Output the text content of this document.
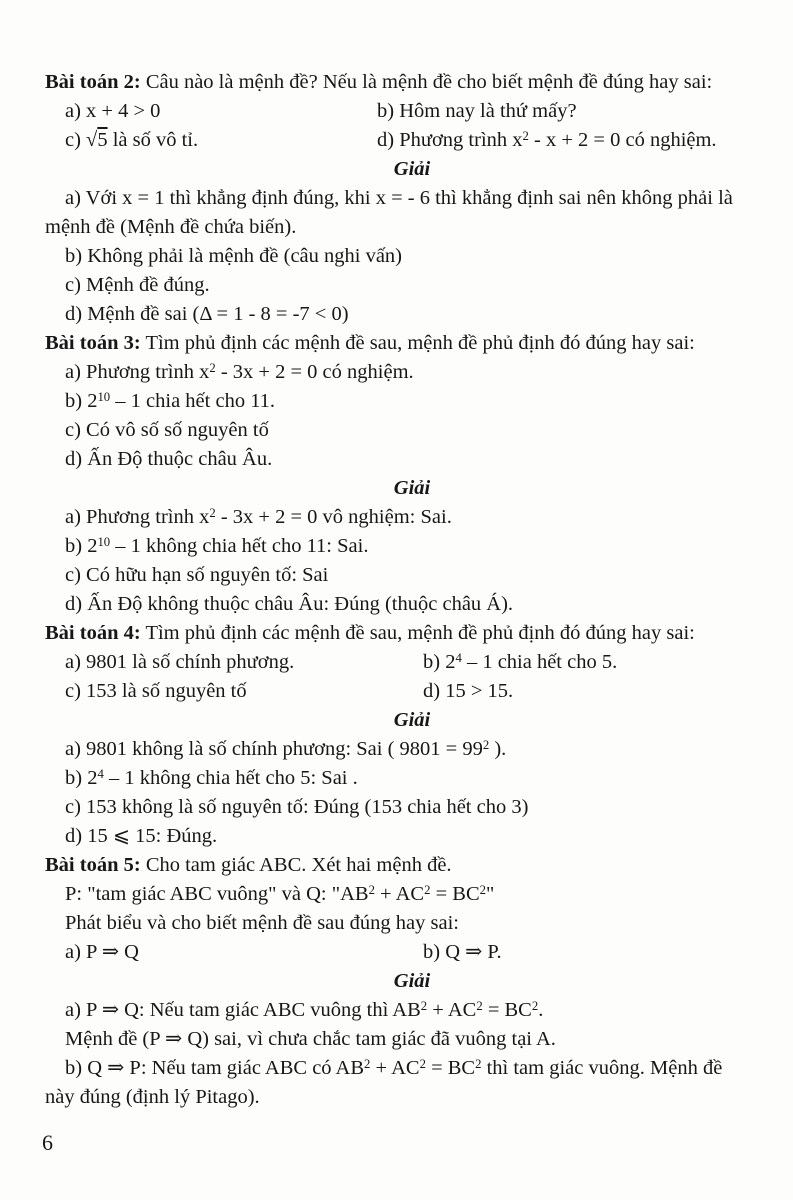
Bài toán 2: Câu nào là mệnh đề? Nếu là mệnh đề cho biết mệnh đề đúng hay sai:

a) x + 4 > 0	b) Hôm nay là thứ mấy?

c) √5 là số vô tỉ.	d) Phương trình $x^2 - x + 2 = 0$ có nghiệm.

Giải

a) Với x = 1 thì khẳng định đúng, khi x = - 6 thì khẳng định sai nên không phải là mệnh đề (Mệnh đề chứa biến).

b) Không phải là mệnh đề (câu nghi vấn)

c) Mệnh đề đúng.

d) Mệnh đề sai (Δ = 1 - 8 = -7 < 0)

Bài toán 3: Tìm phủ định các mệnh đề sau, mệnh đề phủ định đó đúng hay sai:

a) Phương trình $x^2 - 3x + 2 = 0$ có nghiệm.

b) $2^{10} - 1$ chia hết cho 11.

c) Có vô số số nguyên tố

d) Ấn Độ thuộc châu Âu.

Giải

a) Phương trình $x^2 - 3x + 2 = 0$ vô nghiệm: Sai.

b) $2^{10} - 1$ không chia hết cho 11: Sai.

c) Có hữu hạn số nguyên tố: Sai

d) Ấn Độ không thuộc châu Âu: Đúng (thuộc châu Á).

Bài toán 4: Tìm phủ định các mệnh đề sau, mệnh đề phủ định đó đúng hay sai:

a) 9801 là số chính phương.	b) $2^4 - 1$ chia hết cho 5.

c) 153 là số nguyên tố	d) 15 > 15.

Giải

a) 9801 không là số chính phương: Sai ( $9801 = 99^2$ ).

b) $2^4 - 1$ không chia hết cho 5: Sai .

c) 153 không là số nguyên tố: Đúng (153 chia hết cho 3)

d) 15 ⩽ 15: Đúng.

Bài toán 5: Cho tam giác ABC. Xét hai mệnh đề.

P: "tam giác ABC vuông" và Q: "$AB^2 + AC^2 = BC^2$"

Phát biểu và cho biết mệnh đề sau đúng hay sai:

a) P ⇒ Q	b) Q ⇒ P.

Giải

a) P ⇒ Q: Nếu tam giác ABC vuông thì $AB^2 + AC^2 = BC^2$.

Mệnh đề (P ⇒ Q) sai, vì chưa chắc tam giác đã vuông tại A.

b) Q ⇒ P: Nếu tam giác ABC có $AB^2 + AC^2 = BC^2$ thì tam giác vuông. Mệnh đề này đúng (định lý Pitago).

6
